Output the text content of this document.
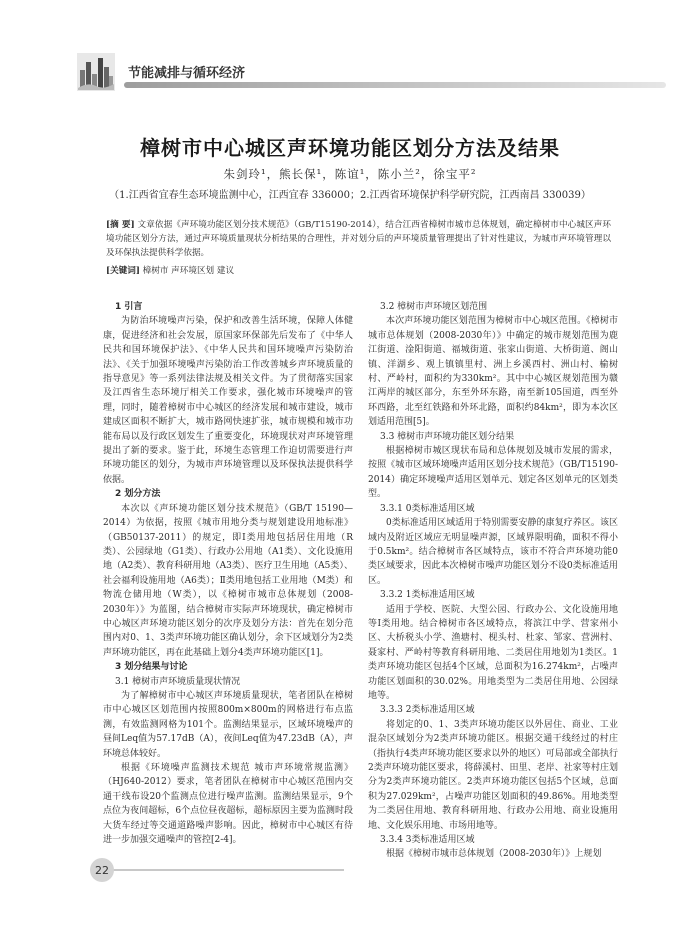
节能减排与循环经济
樟树市中心城区声环境功能区划分方法及结果
朱剑玲¹，熊长保¹，陈谊¹，陈小兰²，徐宝平²
（1.江西省宜春生态环境监测中心，江西宜春 336000；2.江西省环境保护科学研究院，江西南昌 330039）
[摘 要] 文章依据《声环境功能区划分技术规范》（GB/T15190-2014），结合江西省樟树市城市总体规划，确定樟树市中心城区声环境功能区划分方法，通过声环境质量现状分析结果的合理性，并对划分后的声环境质量管理提出了针对性建议，为城市声环境管理以及环保执法提供科学依据。
[关键词] 樟树市 声环境区划 建议

1 引言

为防治环境噪声污染，保护和改善生活环境，保障人体健康，促进经济和社会发展，原国家环保部先后发布了《中华人民共和国环境保护法》、《中华人民共和国环境噪声污染防治法》、《关于加强环境噪声污染防治工作改善城乡声环境质量的指导意见》等一系列法律法规及相关文件。为了贯彻落实国家及江西省生态环境厅相关工作要求，强化城市环境噪声的管理，同时，随着樟树市中心城区的经济发展和城市建设，城市建成区面积不断扩大，城市路网快速扩张，城市规模和城市功能布局以及行政区划发生了重要变化，环境现状对声环境管理提出了新的要求。鉴于此，环境生态管理工作迫切需要进行声环境功能区的划分，为城市声环境管理以及环保执法提供科学依据。

2 划分方法

本次以《声环境功能区划分技术规范》（GB/T 15190—2014）为依据，按照《城市用地分类与规划建设用地标准》（GB50137-2011）的规定，即Ⅰ类用地包括居住用地（R类）、公园绿地（G1类）、行政办公用地（A1类）、文化设施用地（A2类）、教育科研用地（A3类）、医疗卫生用地（A5类）、社会福利设施用地（A6类）；Ⅱ类用地包括工业用地（M类）和物流仓储用地（W类），以《樟树市城市总体规划（2008-2030年）》为蓝图，结合樟树市实际声环境现状，确定樟树市中心城区声环境功能区划分的次序及划分方法：首先在划分范围内对0、1、3类声环境功能区确认划分，余下区域划分为2类声环境功能区，再在此基础上划分4类声环境功能区[1]。

3 划分结果与讨论

3.1 樟树市声环境质量现状情况

为了解樟树市中心城区声环境质量现状，笔者团队在樟树市中心城区区划范围内按照800m×800m的网格进行布点监测，有效监测网格为101个。监测结果显示，区域环境噪声的昼间Leq值为57.17dB（A），夜间Leq值为47.23dB（A），声环境总体较好。

根据《环境噪声监测技术规范 城市声环境常规监测》（HJ640-2012）要求，笔者团队在樟树市中心城区范围内交通干线布设20个监测点位进行噪声监测。监测结果显示，9个点位为夜间超标，6个点位昼夜超标，超标原因主要为监测时段大货车经过等交通道路噪声影响。因此，樟树市中心城区有待进一步加强交通噪声的管控[2-4]。

3.2 樟树市声环境区划范围

本次声环境功能区划范围为樟树市中心城区范围。《樟树市城市总体规划（2008-2030年）》中确定的城市规划范围为鹿江街道、淦阳街道、福城街道、张家山街道、大桥街道、阁山镇、洋湖乡、观上镇镇里村、洲上乡溪西村、洲山村、榆树村、严岭村，面积约为330km²。其中中心城区规划范围为赣江两岸的城区部分，东至外环东路，南至新105国道，西至外环西路，北至红铁路和外环北路，面积约84km²，即为本次区划适用范围[5]。

3.3 樟树市声环境功能区划分结果

根据樟树市城区现状布局和总体规划及城市发展的需求，按照《城市区域环境噪声适用区划分技术规范》（GB/T15190-2014）确定环境噪声适用区划单元、划定各区划单元的区划类型。

3.3.1 0类标准适用区域

0类标准适用区域适用于特别需要安静的康复疗养区。该区域内及附近区域应无明显噪声源，区域界限明确，面积不得小于0.5km²。结合樟树市各区域特点，该市不符合声环境功能0类区域要求，因此本次樟树市噪声功能区划分不设0类标准适用区。

3.3.2 1类标准适用区域

适用于学校、医院、大型公园、行政办公、文化设施用地等Ⅰ类用地。结合樟树市各区域特点，将滨江中学、营家州小区、大桥税头小学、渔塘村、枧头村、杜家、邹家、营洲村、聂家村、严岭村等教育科研用地、二类居住用地划为1类区。1类声环境功能区包括4个区域，总面积为16.274km²，占噪声功能区划面积的30.02%。用地类型为二类居住用地、公园绿地等。

3.3.3 2类标准适用区域

将划定的0、1、3类声环境功能区以外居住、商业、工业混杂区域划分为2类声环境功能区。根据交通干线经过的村庄（指执行4类声环境功能区要求以外的地区）可局部或全部执行2类声环境功能区要求，将薛溪村、田里、老岸、社家等村庄划分为2类声环境功能区。2类声环境功能区包括5个区域，总面积为27.029km²，占噪声功能区划面积的49.86%。用地类型为二类居住用地、教育科研用地、行政办公用地、商业设施用地、文化娱乐用地、市场用地等。

3.3.4 3类标准适用区域

根据《樟树市城市总体规划（2008-2030年）》上规划

22
